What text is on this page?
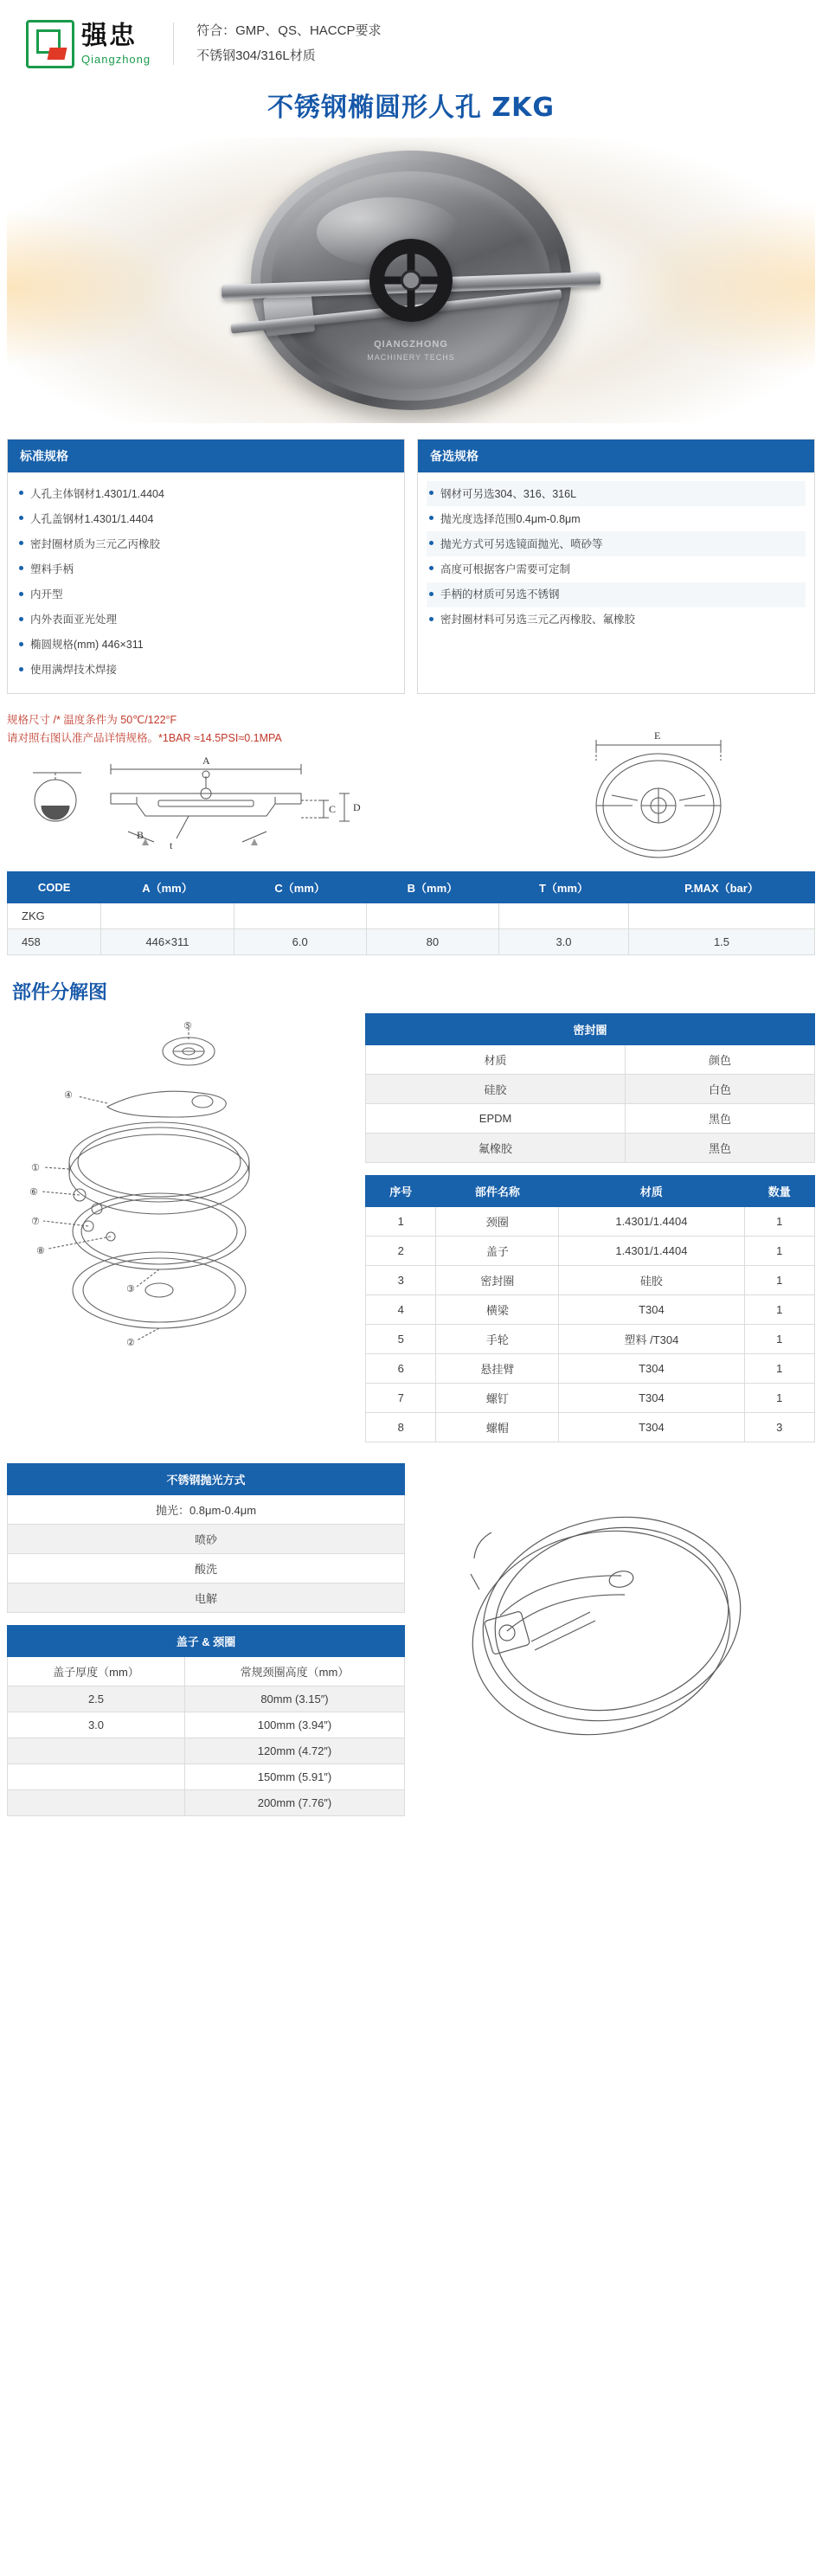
强忠
Qiangzhong
符合：GMP、QS、HACCP要求
不锈钢304/316L材质
不锈钢椭圆形人孔 ZKG
QIANGZHONG
MACHINERY TECHS
标准规格
人孔主体钢材1.4301/1.4404
人孔盖钢材1.4301/1.4404
密封圈材质为三元乙丙橡胶
塑料手柄
内开型
内外表面亚光处理
椭圆规格(mm) 446×311
使用满焊技术焊接
备选规格
钢材可另选304、316、316L
抛光度选择范围0.4μm-0.8μm
抛光方式可另选镜面抛光、喷砂等
高度可根据客户需要可定制
手柄的材质可另选不锈钢
密封圈材料可另选三元乙丙橡胶、氟橡胶
规格尺寸 /* 温度条件为 50℃/122°F
请对照右图认准产品详情规格。*1BAR ≈14.5PSI≈0.1MPA
A
B
C D
t
E
CODE	A（mm）	C（mm）	B（mm）	T（mm）	P.MAX（bar）
ZKG					
458	446×311	6.0	80	3.0	1.5
部件分解图
⑤
④
①
⑥
⑦
⑧
③
②
密封圈	
材质	颜色
硅胶	白色
EPDM	黑色
氟橡胶	黑色
序号	部件名称	材质	数量
1	颈圈	1.4301/1.4404	1
2	盖子	1.4301/1.4404	1
3	密封圈	硅胶	1
4	横梁	T304	1
5	手轮	塑料 /T304	1
6	悬挂臂	T304	1
7	螺钉	T304	1
8	螺帽	T304	3
不锈钢抛光方式
抛光：0.8μm-0.4μm
喷砂
酸洗
电解
盖子 & 颈圈	
盖子厚度（mm）	常规颈圈高度（mm）
2.5	80mm (3.15″)
3.0	100mm (3.94″)
	120mm (4.72″)
	150mm (5.91″)
	200mm (7.76″)
